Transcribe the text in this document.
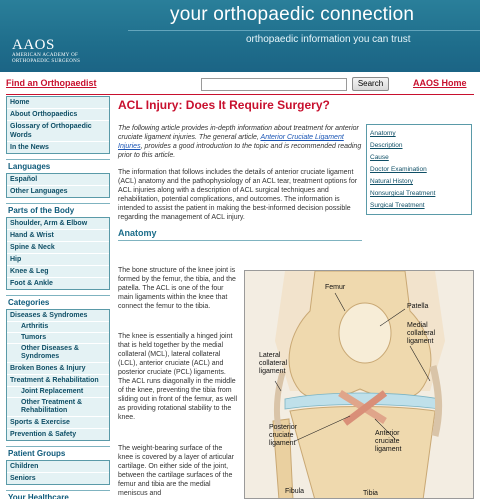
your orthopaedic connection
orthopaedic information you can trust
AAOS
AMERICAN ACADEMY OF
ORTHOPAEDIC SURGEONS
Find an Orthopaedist	Search	AAOS Home
Home
About Orthopaedics
Glossary of Orthopaedic Words
In the News
Languages
Español
Other Languages
Parts of the Body
Shoulder, Arm & Elbow
Hand & Wrist
Spine & Neck
Hip
Knee & Leg
Foot & Ankle
Categories
Diseases & Syndromes
Arthritis
Tumors
Other Diseases & Syndromes
Broken Bones & Injury
Treatment & Rehabilitation
Joint Replacement
Other Treatment & Rehabilitation
Sports & Exercise
Prevention & Safety
Patient Groups
Children
Seniors
Your Healthcare
ACL Injury: Does It Require Surgery?

The following article provides in-depth information about treatment for anterior cruciate ligament injuries. The general article, Anterior Cruciate Ligament Injuries, provides a good introduction to the topic and is recommended reading prior to this article.

The information that follows includes the details of anterior cruciate ligament (ACL) anatomy and the pathophysiology of an ACL tear, treatment options for ACL injuries along with a description of ACL surgical techniques and rehabilitation, potential complications, and outcomes. The information is intended to assist the patient in making the best-informed decision possible regarding the management of ACL injury.

Anatomy
The bone structure of the knee joint is formed by the femur, the tibia, and the patella. The ACL is one of the four main ligaments within the knee that connect the femur to the tibia.
The knee is essentially a hinged joint that is held together by the medial collateral (MCL), lateral collateral (LCL), anterior cruciate (ACL) and posterior cruciate (PCL) ligaments. The ACL runs diagonally in the middle of the knee, preventing the tibia from sliding out in front of the femur, as well as providing rotational stability to the knee.
The weight-bearing surface of the knee is covered by a layer of articular cartilage. On either side of the joint, between the cartilage surfaces of the femur and tibia are the medial meniscus and
Anatomy
Description
Cause
Doctor Examination
Natural History
Nonsurgical Treatment
Surgical Treatment
Femur
Patella
Medial
collateral
ligament
Lateral
collateral
ligament
Posterior
cruciate
ligament
Anterior
cruciate
ligament
Fibula	Tibia
